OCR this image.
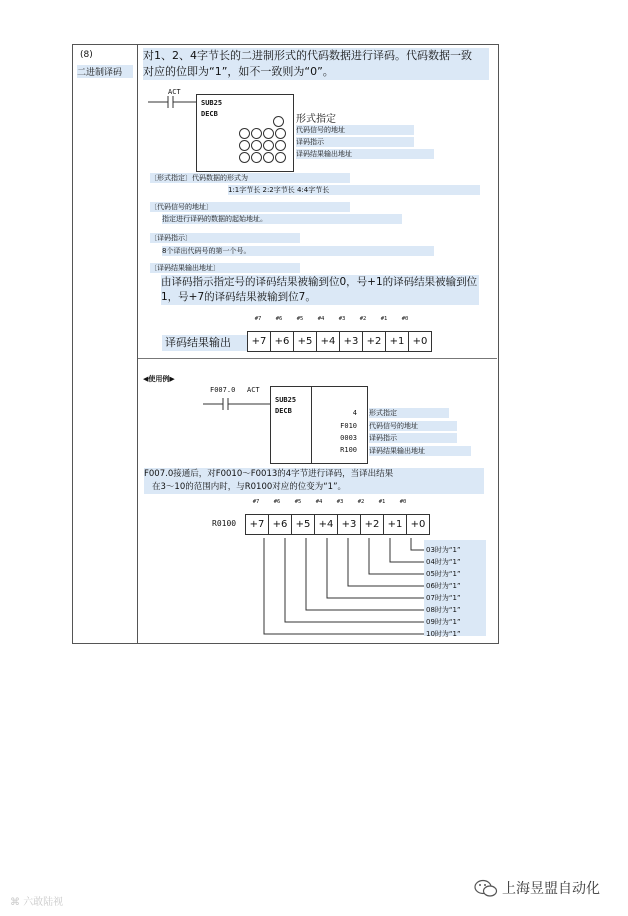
(8)
二进制译码
对1、2、4字节长的二进制形式的代码数据进行译码。代码数据一致
对应的位即为“1”，如不一致则为“0”。
ACT
SUB25
DECB	形式指定
代码信号的地址
译码指示
译码结果输出地址
〔形式指定〕代码数据的形式为
1:1字节长 2:2字节长 4:4字节长
〔代码信号的地址〕
指定进行译码的数据的起始地址。
〔译码指示〕
8个译出代码号的第一个号。
〔译码结果输出地址〕
由译码指示指定号的译码结果被输到位0，号+1的译码结果被输到位1，号+7的译码结果被输到位7。
#7	#6	#5	#4	#3	#2	#1	#0
译码结果输出	+7 +6 +5 +4 +3 +2 +1 +0
◀使用例▶
F007.0 ACT
SUB25
DECB	4
F010
0003
R100
形式指定
代码信号的地址
译码指示
译码结果输出地址
F007.0接通后，对F0010～F0013的4字节进行译码，当译出结果
在3～10的范围内时，与R0100对应的位变为“1”。
#7	#6	#5	#4	#3	#2	#1	#0
R0100	+7 +6 +5 +4 +3 +2 +1 +0
03时为“1”
04时为“1”
05时为“1”
06时为“1”
07时为“1”
08时为“1”
09时为“1”
10时为“1”
⌘ 六敢陆视
上海昱盟自动化
